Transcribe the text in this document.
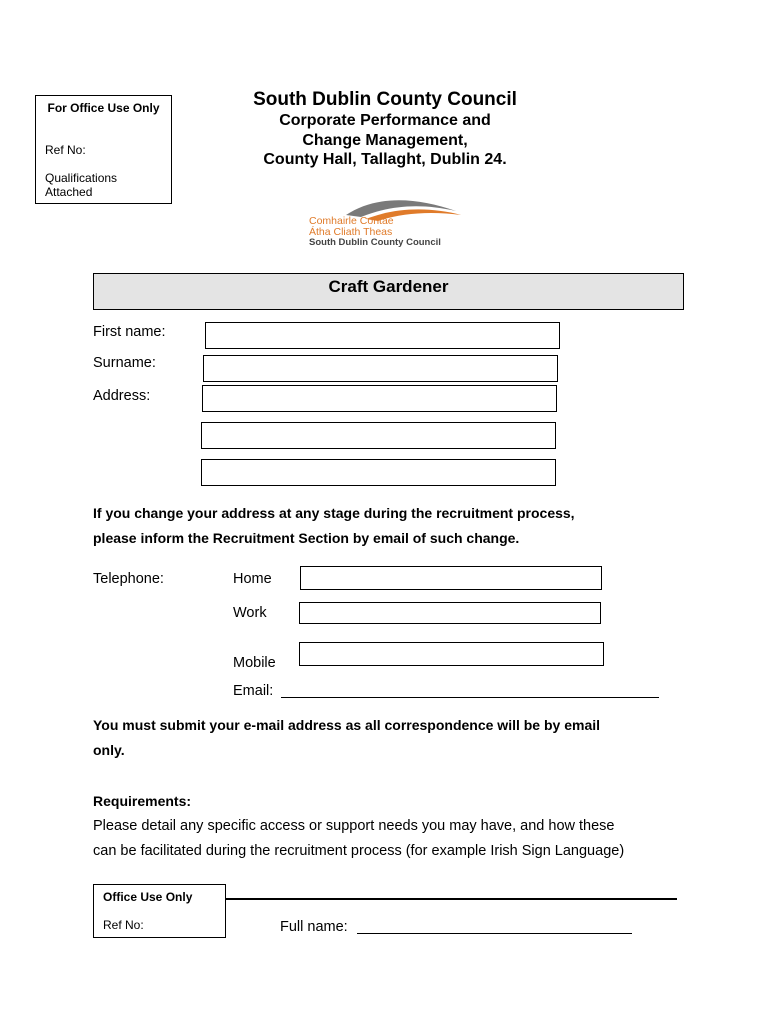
For Office Use Only
Ref No:
Qualifications Attached
South Dublin County Council
Corporate Performance and
Change Management,
County Hall, Tallaght, Dublin 24.
Comhairle Contae
Átha Cliath Theas
South Dublin County Council
Craft Gardener
First name:
Surname:
Address:
If you change your address at any stage during the recruitment process,
please inform the Recruitment Section by email of such change.
Telephone:	Home
Work
Mobile
Email:
You must submit your e-mail address as all correspondence will be by email
only.
Requirements:
Please detail any specific access or support needs you may have, and how these
can be facilitated during the recruitment process (for example Irish Sign Language)
Office Use Only
Ref No:	Full name:
